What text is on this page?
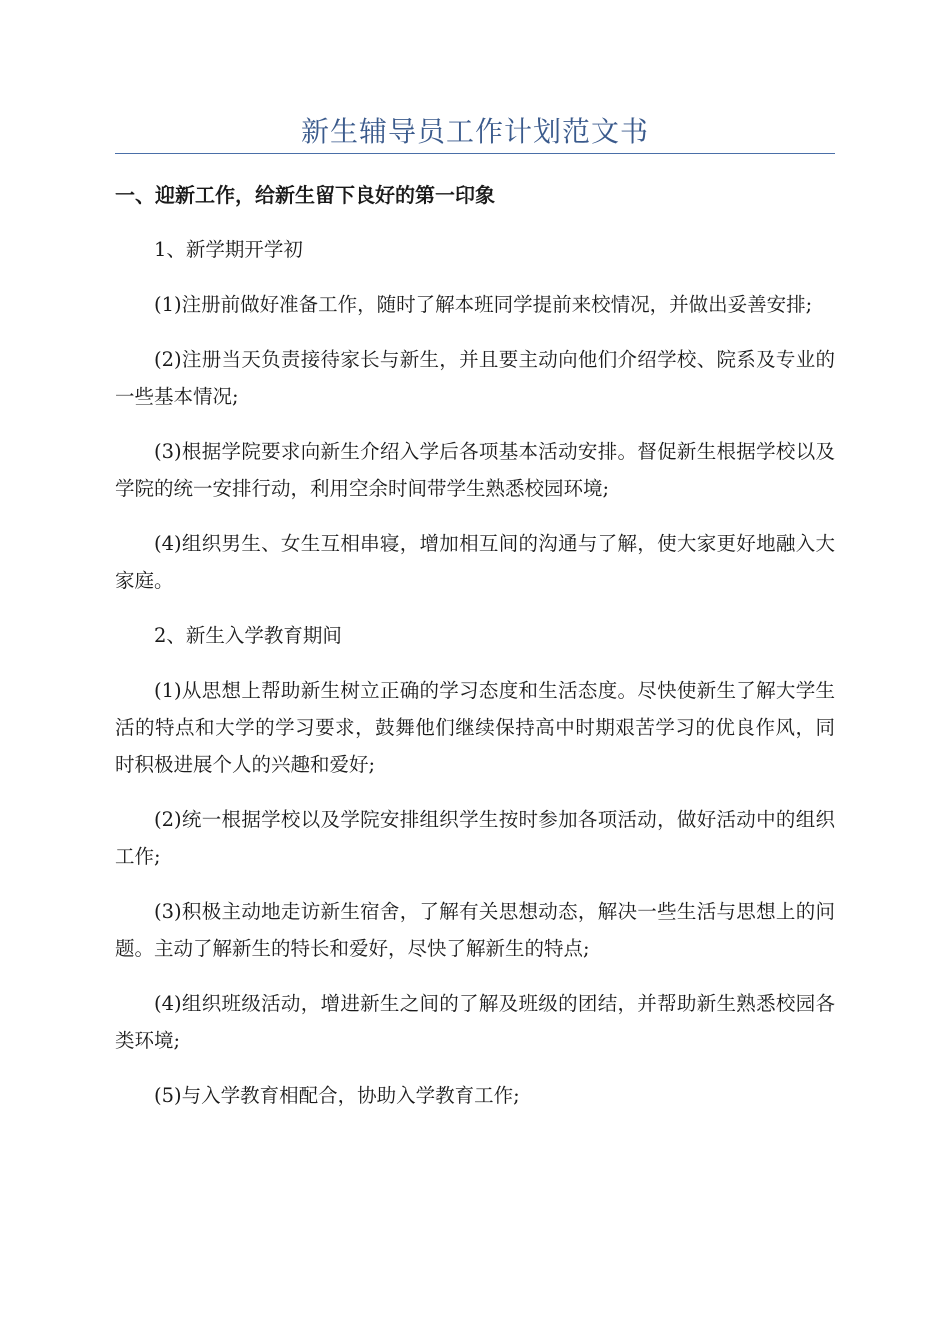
新生辅导员工作计划范文书
一、迎新工作，给新生留下良好的第一印象
1、新学期开学初
(1)注册前做好准备工作，随时了解本班同学提前来校情况，并做出妥善安排;
(2)注册当天负责接待家长与新生，并且要主动向他们介绍学校、院系及专业的一些基本情况;
(3)根据学院要求向新生介绍入学后各项基本活动安排。督促新生根据学校以及学院的统一安排行动，利用空余时间带学生熟悉校园环境;
(4)组织男生、女生互相串寝，增加相互间的沟通与了解，使大家更好地融入大家庭。
2、新生入学教育期间
(1)从思想上帮助新生树立正确的学习态度和生活态度。尽快使新生了解大学生活的特点和大学的学习要求，鼓舞他们继续保持高中时期艰苦学习的优良作风，同时积极进展个人的兴趣和爱好;
(2)统一根据学校以及学院安排组织学生按时参加各项活动，做好活动中的组织工作;
(3)积极主动地走访新生宿舍，了解有关思想动态，解决一些生活与思想上的问题。主动了解新生的特长和爱好，尽快了解新生的特点;
(4)组织班级活动，增进新生之间的了解及班级的团结，并帮助新生熟悉校园各类环境;
(5)与入学教育相配合，协助入学教育工作;
